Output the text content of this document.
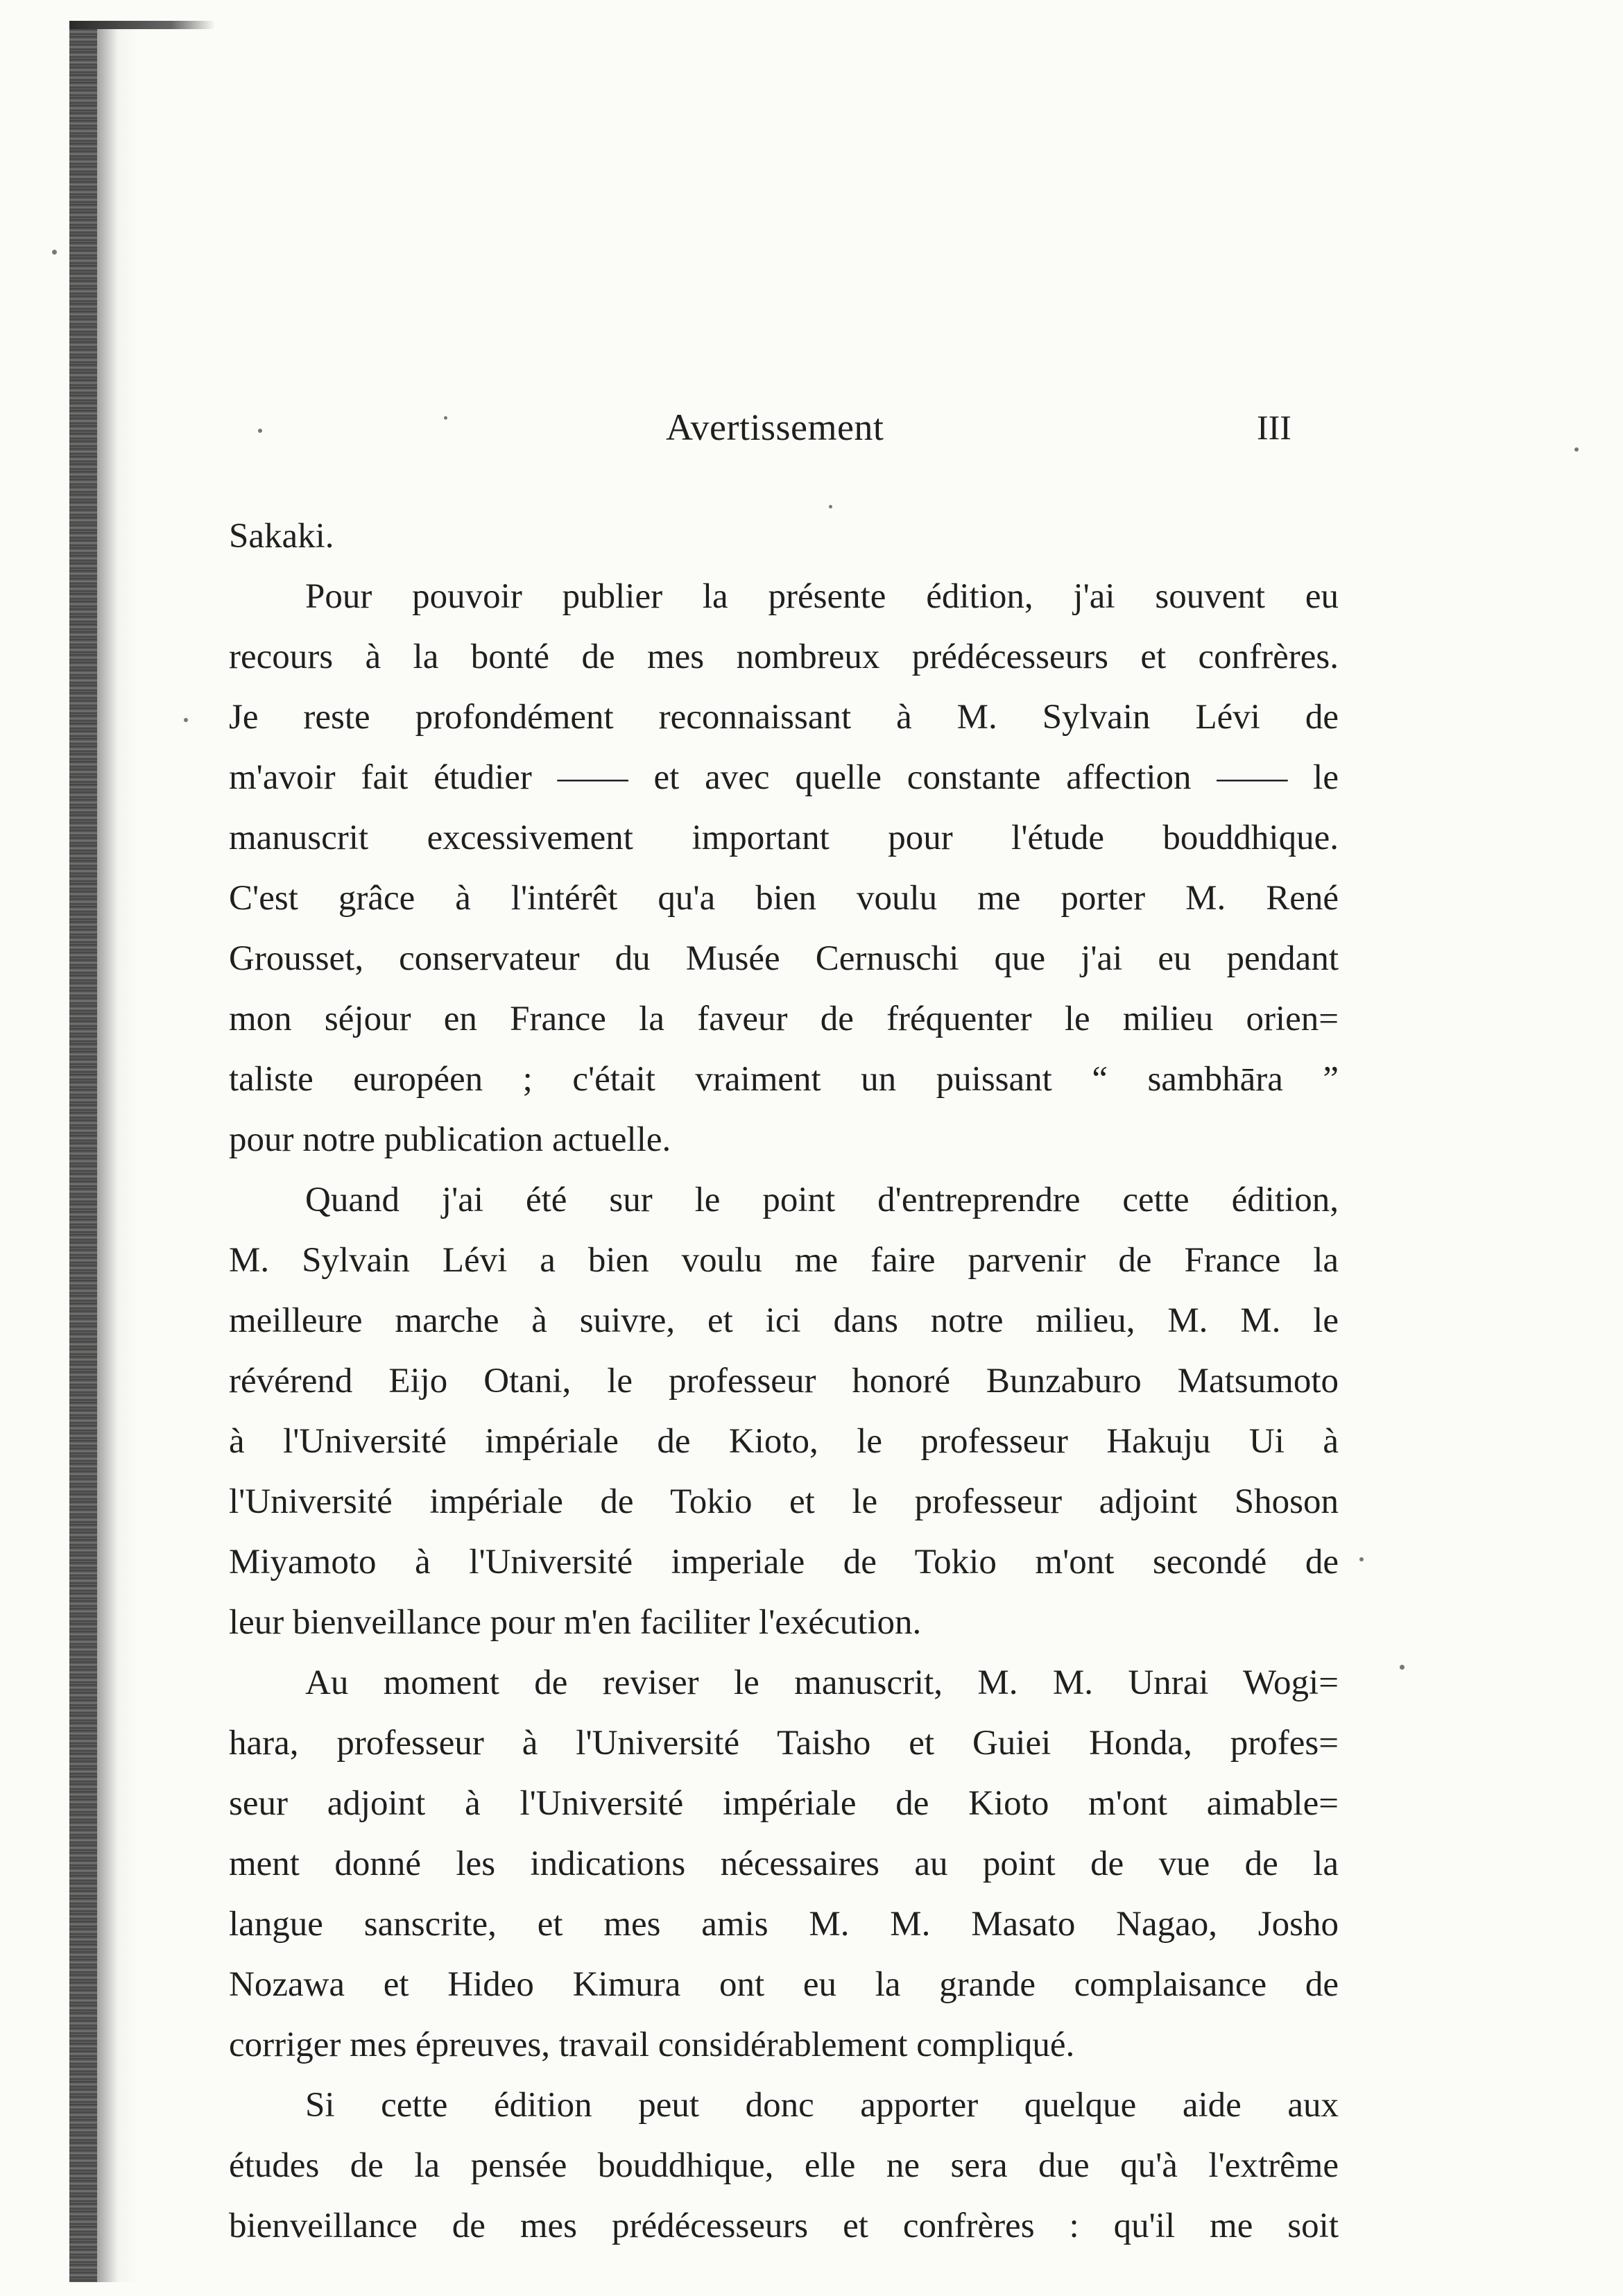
Avertissement	III
Sakaki.
Pour pouvoir publier la présente édition, j'ai souvent eu
recours à la bonté de mes nombreux prédécesseurs et confrères.
Je reste profondément reconnaissant à M. Sylvain Lévi de
m'avoir fait étudier —— et avec quelle constante affection —— le
manuscrit excessivement important pour l'étude bouddhique.
C'est grâce à l'intérêt qu'a bien voulu me porter M. René
Grousset, conservateur du Musée Cernuschi que j'ai eu pendant
mon séjour en France la faveur de fréquenter le milieu orien=
taliste européen ; c'était vraiment un puissant “ sambhāra ”
pour notre publication actuelle.
Quand j'ai été sur le point d'entreprendre cette édition,
M. Sylvain Lévi a bien voulu me faire parvenir de France la
meilleure marche à suivre, et ici dans notre milieu, M. M. le
révérend Eijo Otani, le professeur honoré Bunzaburo Matsumoto
à l'Université impériale de Kioto, le professeur Hakuju Ui à
l'Université impériale de Tokio et le professeur adjoint Shoson
Miyamoto à l'Université imperiale de Tokio m'ont secondé de
leur bienveillance pour m'en faciliter l'exécution.
Au moment de reviser le manuscrit, M. M. Unrai Wogi=
hara, professeur à l'Université Taisho et Guiei Honda, profes=
seur adjoint à l'Université impériale de Kioto m'ont aimable=
ment donné les indications nécessaires au point de vue de la
langue sanscrite, et mes amis M. M. Masato Nagao, Josho
Nozawa et Hideo Kimura ont eu la grande complaisance de
corriger mes épreuves, travail considérablement compliqué.
Si cette édition peut donc apporter quelque aide aux
études de la pensée bouddhique, elle ne sera due qu'à l'extrême
bienveillance de mes prédécesseurs et confrères : qu'il me soit
